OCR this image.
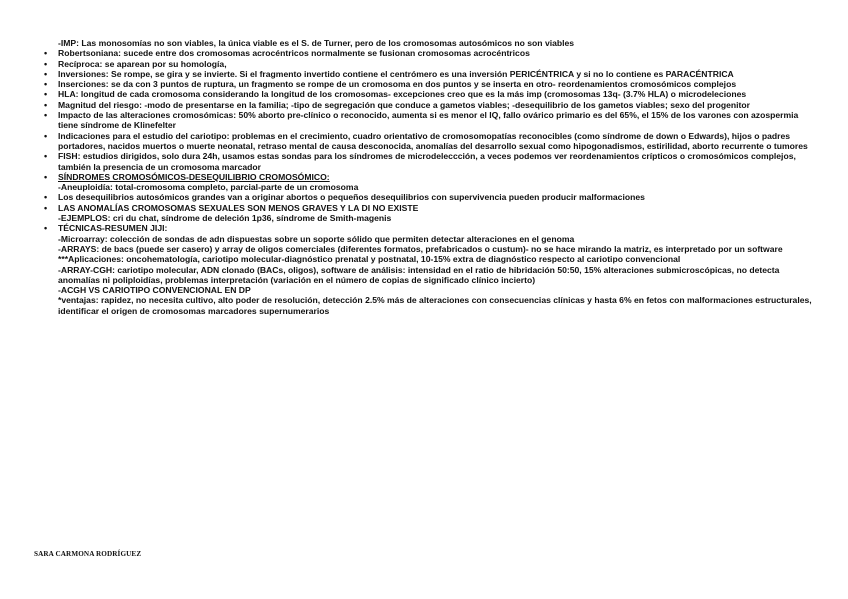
-IMP: Las monosomías no son viables, la única viable es el S. de Turner, pero de los cromosomas autosómicos no son viables
• Robertsoniana: sucede entre dos cromosomas acrocéntricos normalmente se fusionan cromosomas acrocéntricos
• Recíproca: se aparean por su homología,
• Inversiones: Se rompe, se gira y se invierte. Si el fragmento invertido contiene el centrómero es una inversión PERICÉNTRICA y si no lo contiene es PARACÉNTRICA
• Inserciones: se da con 3 puntos de ruptura, un fragmento se rompe de un cromosoma en dos puntos y se inserta en otro- reordenamientos cromosómicos complejos
• HLA: longitud de cada cromosoma considerando la longitud de los cromosomas- excepciones creo que es la más imp (cromosomas 13q- (3.7% HLA) o microdeleciones
• Magnitud del riesgo: -modo de presentarse en la familia; -tipo de segregación que conduce a gametos viables; -desequilibrio de los gametos viables; sexo del progenitor
• Impacto de las alteraciones cromosómicas: 50% aborto pre-clínico o reconocido, aumenta si es menor el IQ, fallo ovárico primario es del 65%, el 15% de los varones con azospermia tiene síndrome de Klinefelter
• Indicaciones para el estudio del cariotipo: problemas en el crecimiento, cuadro orientativo de cromosomopatías reconocibles (como síndrome de down o Edwards), hijos o padres portadores, nacidos muertos o muerte neonatal, retraso mental de causa desconocida, anomalías del desarrollo sexual como hipogonadismos, estirilidad, aborto recurrente o tumores
• FISH: estudios dirigidos, solo dura 24h, usamos estas sondas para los síndromes de microdeleccción, a veces podemos ver reordenamientos crípticos o cromosómicos complejos, también la presencia de un cromosoma marcador
• SÍNDROMES CROMOSÓMICOS-DESEQUILIBRIO CROMOSÓMICO:
-Aneuploidía: total-cromosoma completo, parcial-parte de un cromosoma
• Los desequilibrios autosómicos grandes van a originar abortos o pequeños desequilibrios con supervivencia pueden producir malformaciones
• LAS ANOMALÍAS CROMOSOMAS SEXUALES SON MENOS GRAVES Y LA DI NO EXISTE
-EJEMPLOS: cri du chat, síndrome de deleción 1p36, síndrome de Smith-magenis
• TÉCNICAS-RESUMEN JIJI:
-Microarray: colección de sondas de adn dispuestas sobre un soporte sólido que permiten detectar alteraciones en el genoma
-ARRAYS: de bacs (puede ser casero) y array de oligos comerciales (diferentes formatos, prefabricados o custum)- no se hace mirando la matriz, es interpretado por un software
***Aplicaciones: oncohematología, cariotipo molecular-diagnóstico prenatal y postnatal, 10-15% extra de diagnóstico respecto al cariotipo convencional
-ARRAY-CGH: cariotipo molecular, ADN clonado (BACs, oligos), software de análisis: intensidad en el ratio de hibridación 50:50, 15% alteraciones submicroscópicas, no detecta anomalías ni poliploidías, problemas interpretación (variación en el número de copias de significado clínico incierto)
-ACGH VS CARIOTIPO CONVENCIONAL EN DP
*ventajas: rapidez, no necesita cultivo, alto poder de resolución, detección 2.5% más de alteraciones con consecuencias clínicas y hasta 6% en fetos con malformaciones estructurales, identificar el origen de cromosomas marcadores supernumerarios
SARA CARMONA RODRÍGUEZ
